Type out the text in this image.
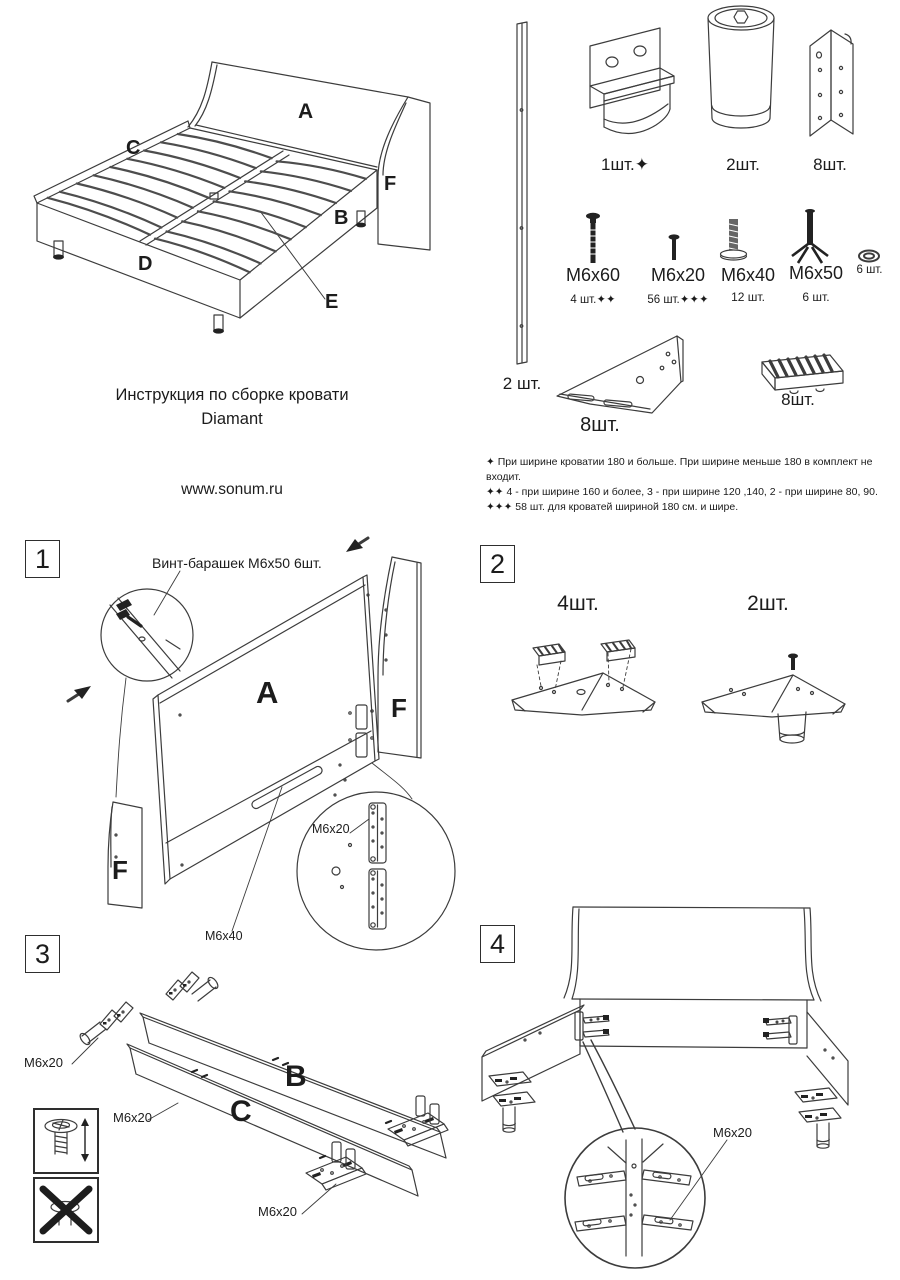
A
C
F
B
D
E
Инструкция по сборке кровати
Diamant
www.sonum.ru
2 шт.
1шт.✦	2шт.	8шт.
М6х60
4 шт.✦✦
М6х20
56 шт.✦✦✦
М6х40
12 шт.
М6х50
6 шт.
6 шт.
8шт.
8шт.
✦ При ширине кроватии 180 и больше. При ширине меньше 180 в комплект не входит.
✦✦ 4 - при ширине 160 и более, 3 - при ширине 120 ,140, 2 - при ширине 80, 90.
✦✦✦ 58 шт. для кроватей шириной 180 см. и шире.
1	Винт-барашек М6х50 6шт.
A	F
F
M6x20
M6x40
2
4шт.	2шт.
3
B
C
M6x20
M6x20
M6x20
4
M6x20
